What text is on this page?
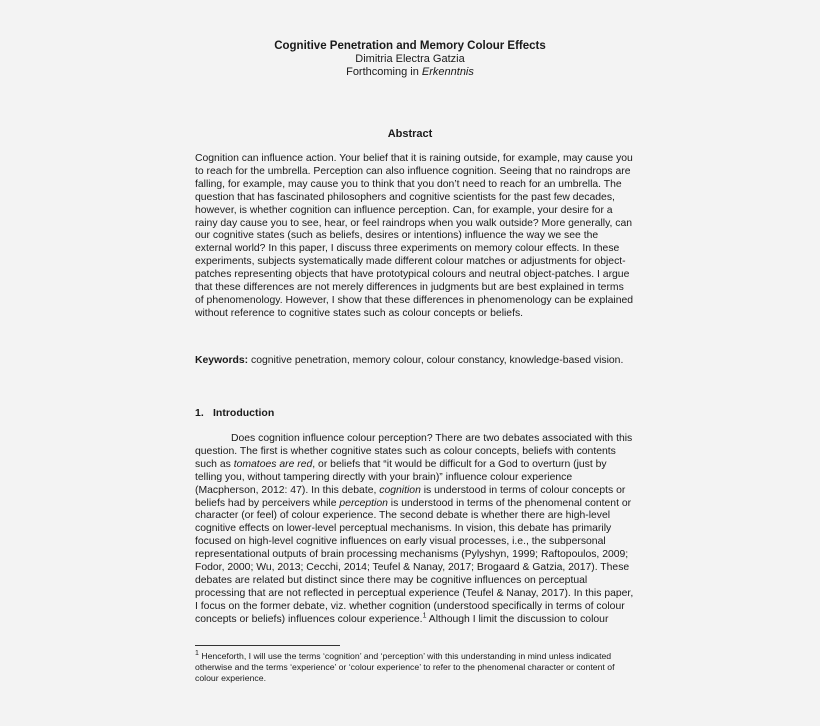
Cognitive Penetration and Memory Colour Effects
Dimitria Electra Gatzia
Forthcoming in Erkenntnis
Abstract

Cognition can influence action. Your belief that it is raining outside, for example, may cause you to reach for the umbrella. Perception can also influence cognition. Seeing that no raindrops are falling, for example, may cause you to think that you don’t need to reach for an umbrella. The question that has fascinated philosophers and cognitive scientists for the past few decades, however, is whether cognition can influence perception. Can, for example, your desire for a rainy day cause you to see, hear, or feel raindrops when you walk outside? More generally, can our cognitive states (such as beliefs, desires or intentions) influence the way we see the external world? In this paper, I discuss three experiments on memory colour effects. In these experiments, subjects systematically made different colour matches or adjustments for object-patches representing objects that have prototypical colours and neutral object-patches. I argue that these differences are not merely differences in judgments but are best explained in terms of phenomenology. However, I show that these differences in phenomenology can be explained without reference to cognitive states such as colour concepts or beliefs.

Keywords: cognitive penetration, memory colour, colour constancy, knowledge-based vision.

1. Introduction

Does cognition influence colour perception? There are two debates associated with this question. The first is whether cognitive states such as colour concepts, beliefs with contents such as tomatoes are red, or beliefs that “it would be difficult for a God to overturn (just by telling you, without tampering directly with your brain)” influence colour experience (Macpherson, 2012: 47). In this debate, cognition is understood in terms of colour concepts or beliefs had by perceivers while perception is understood in terms of the phenomenal content or character (or feel) of colour experience. The second debate is whether there are high-level cognitive effects on lower-level perceptual mechanisms. In vision, this debate has primarily focused on high-level cognitive influences on early visual processes, i.e., the subpersonal representational outputs of brain processing mechanisms (Pylyshyn, 1999; Raftopoulos, 2009; Fodor, 2000; Wu, 2013; Cecchi, 2014; Teufel & Nanay, 2017; Brogaard & Gatzia, 2017). These debates are related but distinct since there may be cognitive influences on perceptual processing that are not reflected in perceptual experience (Teufel & Nanay, 2017). In this paper, I focus on the former debate, viz. whether cognition (understood specifically in terms of colour concepts or beliefs) influences colour experience.$^1$ Although I limit the discussion to colour

$^1$ Henceforth, I will use the terms ‘cognition’ and ‘perception’ with this understanding in mind unless indicated otherwise and the terms ‘experience’ or ‘colour experience’ to refer to the phenomenal character or content of colour experience.
